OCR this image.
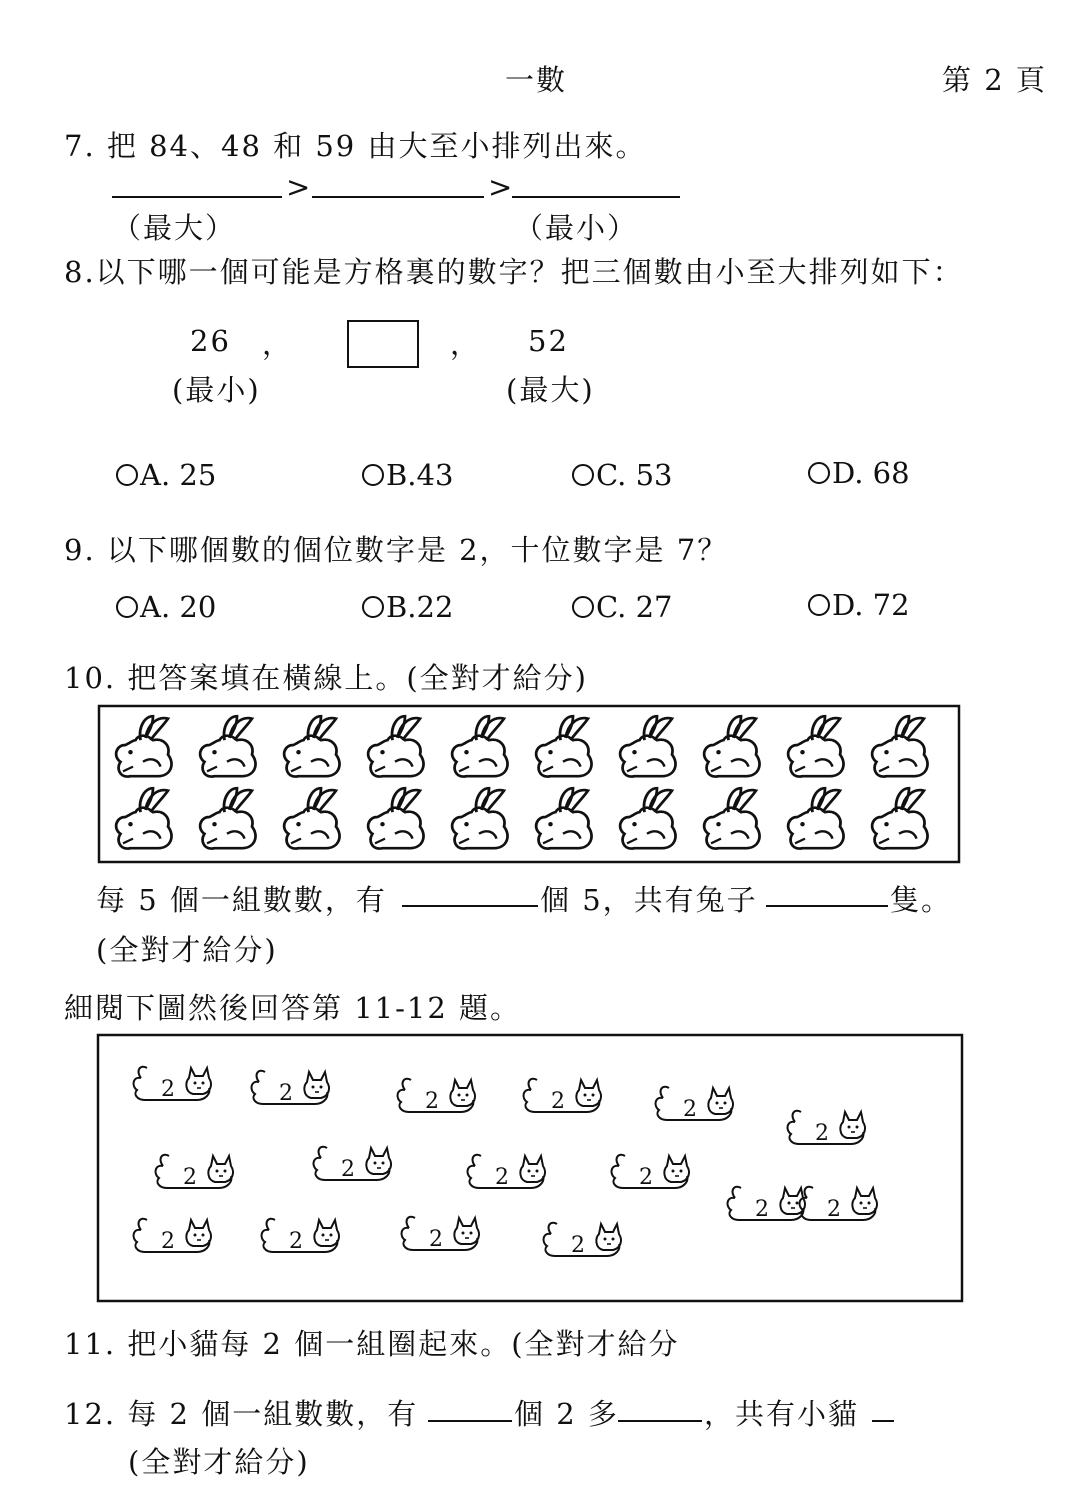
一數	第 2 頁
7. 把 84、48 和 59 由大至小排列出來。
>	>
（最大）	（最小）
8.以下哪一個可能是方格裏的數字？把三個數由小至大排列如下：
26 ，	， 52
(最小)	(最大)
A. 25	B.43	C. 53	D. 68
9. 以下哪個數的個位數字是 2，十位數字是 7？
A. 20	B.22	C. 27	D. 72
10. 把答案填在橫線上。(全對才給分)
每 5 個一組數數，有	個 5，共有兔子	隻。
(全對才給分)
細閱下圖然後回答第 11-12 題。
2	2	2	2	2
2
2	2	2	2
2
2	2	2	2
2
11. 把小貓每 2 個一組圈起來。(全對才給分
12. 每 2 個一組數數，有	個 2 多	，共有小貓
(全對才給分)
